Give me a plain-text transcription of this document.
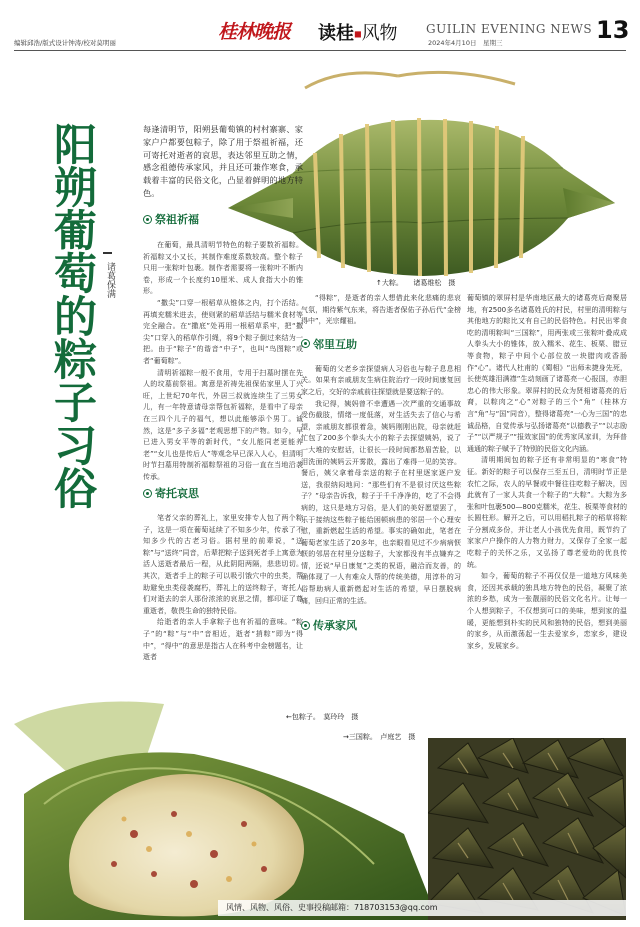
编辑邱浩/版式设计钟涛/校对莫明丽	桂林晚报 读桂■风物 GUILIN EVENING NEWS
2024年4月10日　星期三	13
↑大粽。　　诸葛维松　摄
阳朔葡萄的粽子习俗 诸葛保满
每逢清明节，阳朔县葡萄镇的村村寨寨、家家户户都要包粽子，除了用于祭祖祈福，还可寄托对逝者的哀思，表达邻里互助之情，感念祖德传承家风，并且还可兼作寒食，承载着丰富的民俗文化，凸显着鲜明的地方特色。
祭祖祈福

在葡萄，最具清明节特色的粽子要数祈福粽。祈福粽又小又长，其制作难度系数较高。整个粽子只用一张粽叶包裹。制作者需要将一张粽叶不断内卷，形成一个长度约10厘米、成人食指大小的锥形。

“撒尖”口穿一根稻草从锥体之内，打个活结。再填充糯米进去，使则紧的稻草活结与糯米食材等完全融合。在“撒底”处再用一根稻草系牢，把“撒尖”口穿入的稻草作引绳，将9个粽子倒过来结为一把。由于“粽子”的谐音“中子”，也叫“鸟图粽”或者“葡萄粽”。

清明祈福粽一般不食用，专用于扫墓时摆在先人的坟墓前祭祖。寓意是祈祷先祖保佑家里人丁兴旺，上世纪70年代，外居三叔就连续生了三男女儿，有一年特意请母亲帮包祈福粽，是看中了母亲在三四个儿子的福气，想以此能够添个男丁。诚然，这是“多子多福”老观思想下的产物。如今，早已进入男女平等的新时代，“女儿能同老更能养老”“女儿也是传后人”等观念早已深入人心，但清明时节扫墓用特制祈福粽祭祖的习俗一直在当地沿袭传承。

寄托哀思

笔者父亲的葬礼上，家里安排专人包了两个粽子，这是一项在葡萄延续了不知多少年，传承了不知多少代的古老习俗。据村里的前辈说，“送粽”与“送终”同音，后辈把粽子送到死者手上寓意为活人送逝者最后一程，从此阴阳两隔，悲悲切切。其次，逝者手上的粽子可以吸引饿穴中的虫类，帮助避免虫类侵袭腐朽，葬礼上的送终粽子，寄托人们对逝去的亲人那份浓浓的哀思之情，都印证了尊重逝者，敬畏生命的独特民俗。

给逝者的亲人手拿粽子也有祈福的意味。“粽子”的“粽”与“中”音相近，逝者“捎粽”即为“得中”，“得中”的意思是指古人在科考中金榜题名，让逝者

“得粽”，是逝者的亲人想借此来化悲痛的悲哀气氛，期待紫气东来，将告逝者保佑子孙后代“金榜得中”，光宗耀祖。

邻里互助

葡萄的父老乡亲探望病人习俗也与粽子息息相关。如果有亲戚朋友生病住院治疗一段时间康复回家之后，交好的亲戚前往探望就是要送粽子的。

我记得，姨妈曾不幸遭遇一次严重的交通事故受伤截肢，情绪一度低落，对生活失去了信心与希望，亲戚朋友都很着急，姨妈刚刚出院，母亲就赶忙包了200多个拳头大小的粽子去探望姨妈，说了一大堆的安慰话，让很长一段时间都愁眉苦脸，以泪洗面的姨妈云开雾散，露出了难得一见的笑容。餐后，姨父拿着母亲送的粽子在村里逐家逐户发送，我很纳闷地问：“那些们有不是很讨厌这些粽子？”母亲告诉我，粽子于千千净净的，吃了不会得病的，这只是地方习俗，是人们的美好愿望罢了，乐于接纳这些粽子能给困顿病患的邻居一个心理安慰，重新燃起生活的希望。事实的确如此，笔者在葡萄老家生活了20多年，也亲眼看见过不少病病恹恹的邻居在村里分送粽子，大家都没有半点嫌弃之情，还说“早日康复”之类的祝语，融洽而友善，的确体现了一人有难众人帮的传统美德，用淳朴的习俗帮助病人重新燃起对生活的希望，早日摆脱病痛，回归正常的生活。

传承家风

葡萄镇的翠屏村是华南地区最大的诸葛亮后裔聚居地，有2500多名诸葛姓氏的村民，村里的清明粽与其他地方的粽比又有自己的民俗特色。村民出零食吃的清明粽叫“三国粽”，用两张或三张粽叶叠成成人拳头大小的锥体，放入糯米、花生、板栗、腊豆等食物，粽子中间个心部位放一块腊肉或香肠作“心”。诸代人杜甫的《蜀相》“出师未捷身先死，长使英雄泪满襟”生动刻画了诸葛亮一心报国，赤胆忠心的伟大形象。翠屏村的民众为贤相诸葛亮的后裔，以粽肉之“心”对粽子的三个“角”（桂林方言“角”与“国”同音），整得诸葛亮“一心为三国”的忠诚品格，自觉传承与弘扬诸葛亮“以德教子”“以志励子”“以严规子”“报效家国”的优秀家风家训，为拜普通通的粽子赋予了特别的民俗文化内涵。

清明期间包的粽子还有非常明显的“寒食”特征。新好的粽子可以保存三至五日，清明时节正是农忙之际，农人的早餐或中餐往往吃粽子解决，因此就有了一家人共食一个粽子的“大粽”。大粽为多张和叶包裹500—800克糯米，花生、板栗等食材的长圆柱形。解开之后，可以用稻扎粽子的稻草将粽子分割成多份，并让老人小孩优先食用，既节约了家家户户操作的人力物力财力，又保存了全家一起吃粽子的关怀之乐，又弘扬了尊老爱幼的优良传统。

如今，葡萄的粽子不再仅仅是一道地方风味美食，还因其承载的独具地方特色的民俗，凝聚了浓浓的乡愁，成为一张靓丽的民俗文化名片。让每一个人想到粽子，不仅想到可口的美味，想到家的温暖，更能想到朴实的民风和独特的民俗，想到美丽的家乡，从而激荡起一生去爱家乡，恋家乡，建设家乡，发展家乡。

←包粽子。　莫玲玲　摄
→三国粽。　卢庭艺　摄
风情、风物、风俗、史事投稿邮箱：718703153@qq.com
